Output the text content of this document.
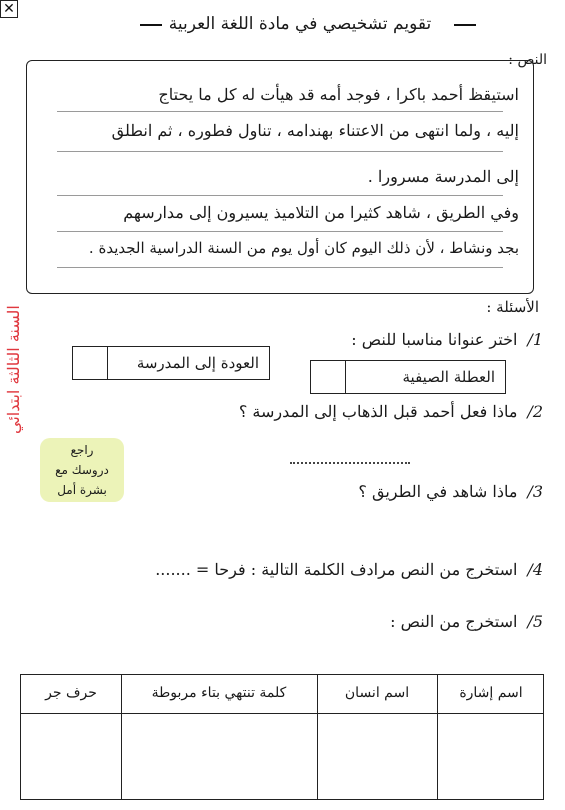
✕
تقويم تشخيصي في مادة اللغة العربية
النص :
استيقظ أحمد باكرا ، فوجد أمه قد هيأت له كل ما يحتاج
إليه ، ولما انتهى من الاعتناء بهندامه ، تناول فطوره ، ثم انطلق
إلى المدرسة مسرورا .
وفي الطريق ، شاهد كثيرا من التلاميذ يسيرون إلى مدارسهم
بجد ونشاط ، لأن ذلك اليوم كان أول يوم من السنة الدراسية الجديدة .
السنة الثالثة ابتدائي
راجع
دروسك مع
بشرة أمل
الأسئلة :
1/اختر عنوانا مناسبا للنص :
العطلة الصيفية
العودة إلى المدرسة
2/ماذا فعل أحمد قبل الذهاب إلى المدرسة ؟
3/ماذا شاهد في الطريق ؟
4/استخرج من النص مرادف الكلمة التالية : فرحا = .......
5/استخرج من النص :
اسم إشارة
اسم انسان
كلمة تنتهي بتاء مربوطة
حرف جر
